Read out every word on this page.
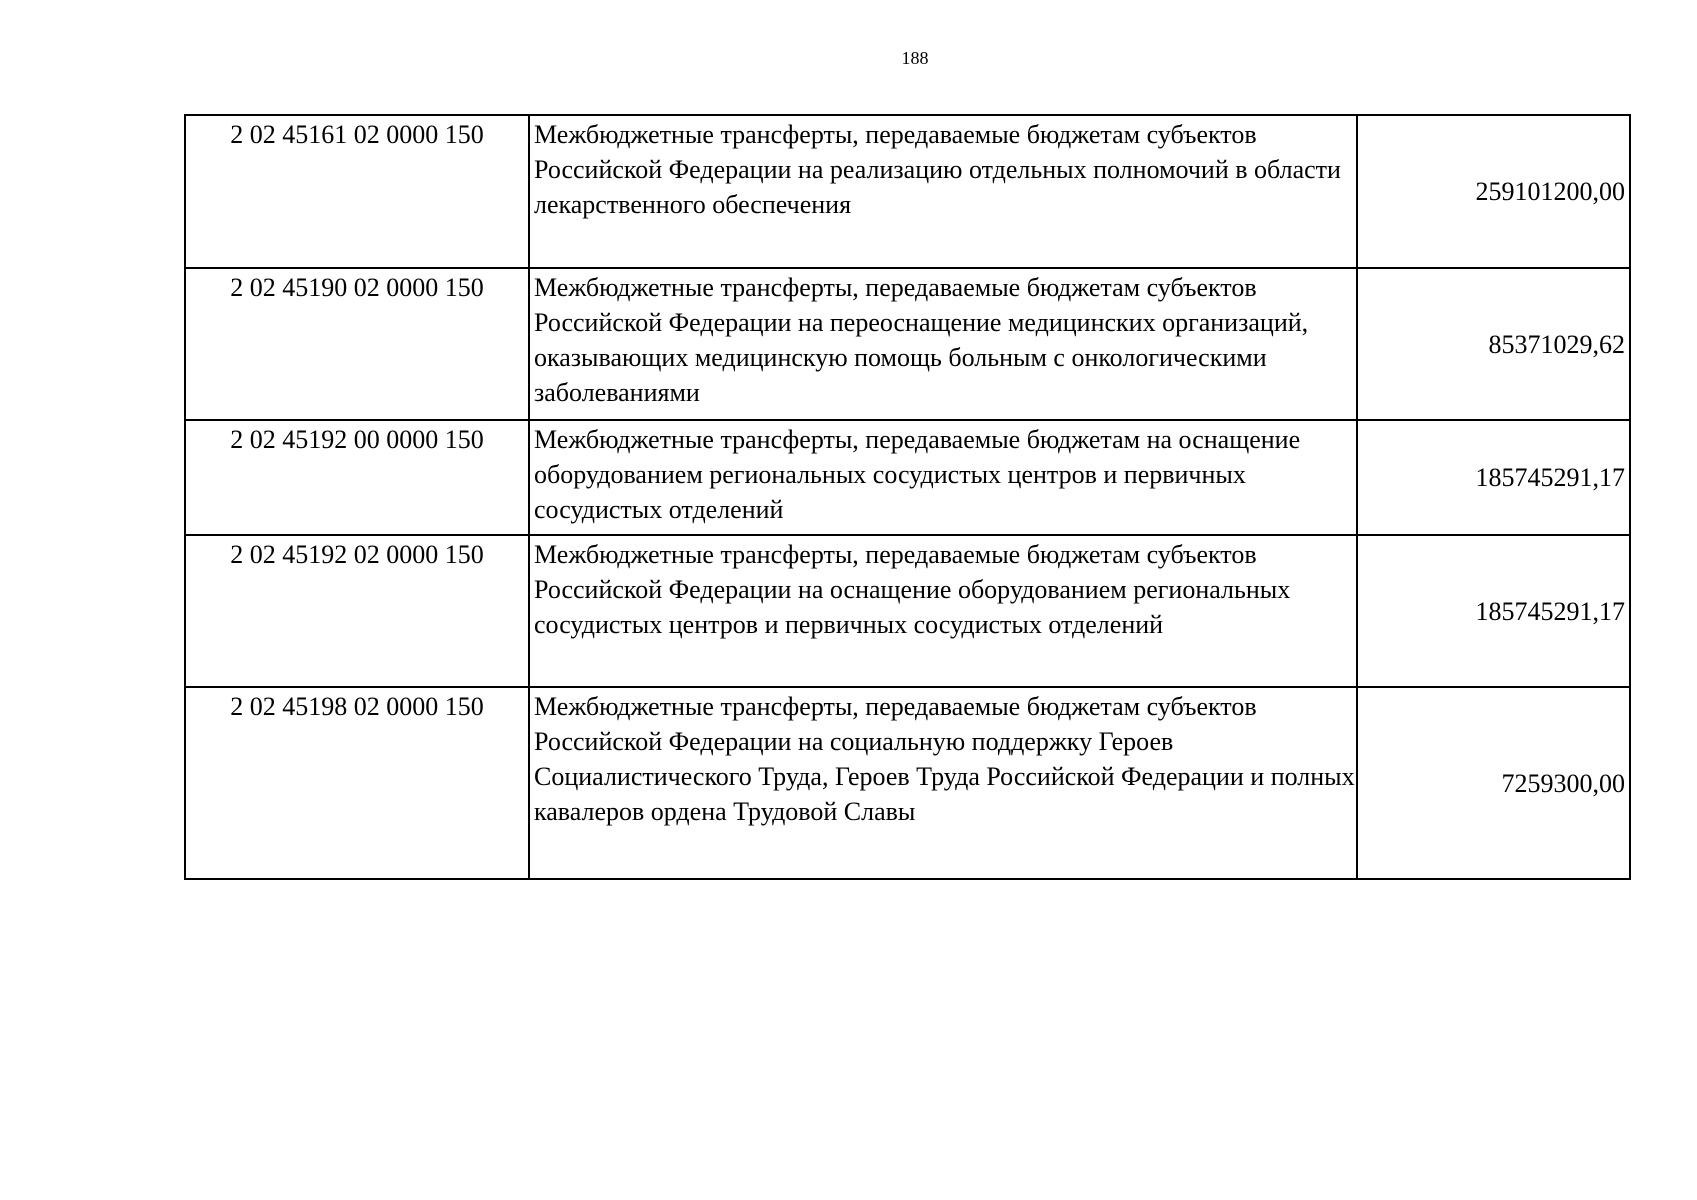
188
2 02 45161 02 0000 150	Межбюджетные трансферты, передаваемые бюджетам субъектов Российской Федерации на реализацию отдельных полномочий в области лекарственного обеспечения	259101200,00
2 02 45190 02 0000 150	Межбюджетные трансферты, передаваемые бюджетам субъектов Российской Федерации на переоснащение медицинских организаций, оказывающих медицинскую помощь больным с онкологическими заболеваниями	85371029,62
2 02 45192 00 0000 150	Межбюджетные трансферты, передаваемые бюджетам на оснащение оборудованием региональных сосудистых центров и первичных сосудистых отделений	185745291,17
2 02 45192 02 0000 150	Межбюджетные трансферты, передаваемые бюджетам субъектов Российской Федерации на оснащение оборудованием региональных сосудистых центров и первичных сосудистых отделений	185745291,17
2 02 45198 02 0000 150	Межбюджетные трансферты, передаваемые бюджетам субъектов Российской Федерации на социальную поддержку Героев Социалистического Труда, Героев Труда Российской Федерации и полных кавалеров ордена Трудовой Славы	7259300,00
